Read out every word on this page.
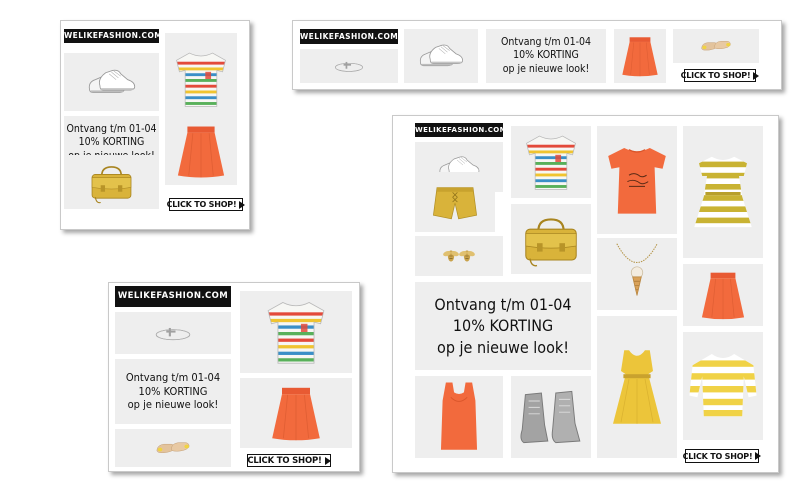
WELIKEFASHION.COM
Ontvang t/m 01-04
10% KORTING
CLICK TO SHOP!
WELIKEFASHION.COM	Ontvang t/m 01-04
10% KORTING
op je nieuwe look!
CLICK TO SHOP!
WELIKEFASHION.COM
Ontvang t/m 01-04
10% KORTING
op je nieuwe look!
CLICK TO SHOP!
WELIKEFASHION.COM
Ontvang t/m 01-04
10% KORTING
op je nieuwe look!
CLICK TO SHOP!
